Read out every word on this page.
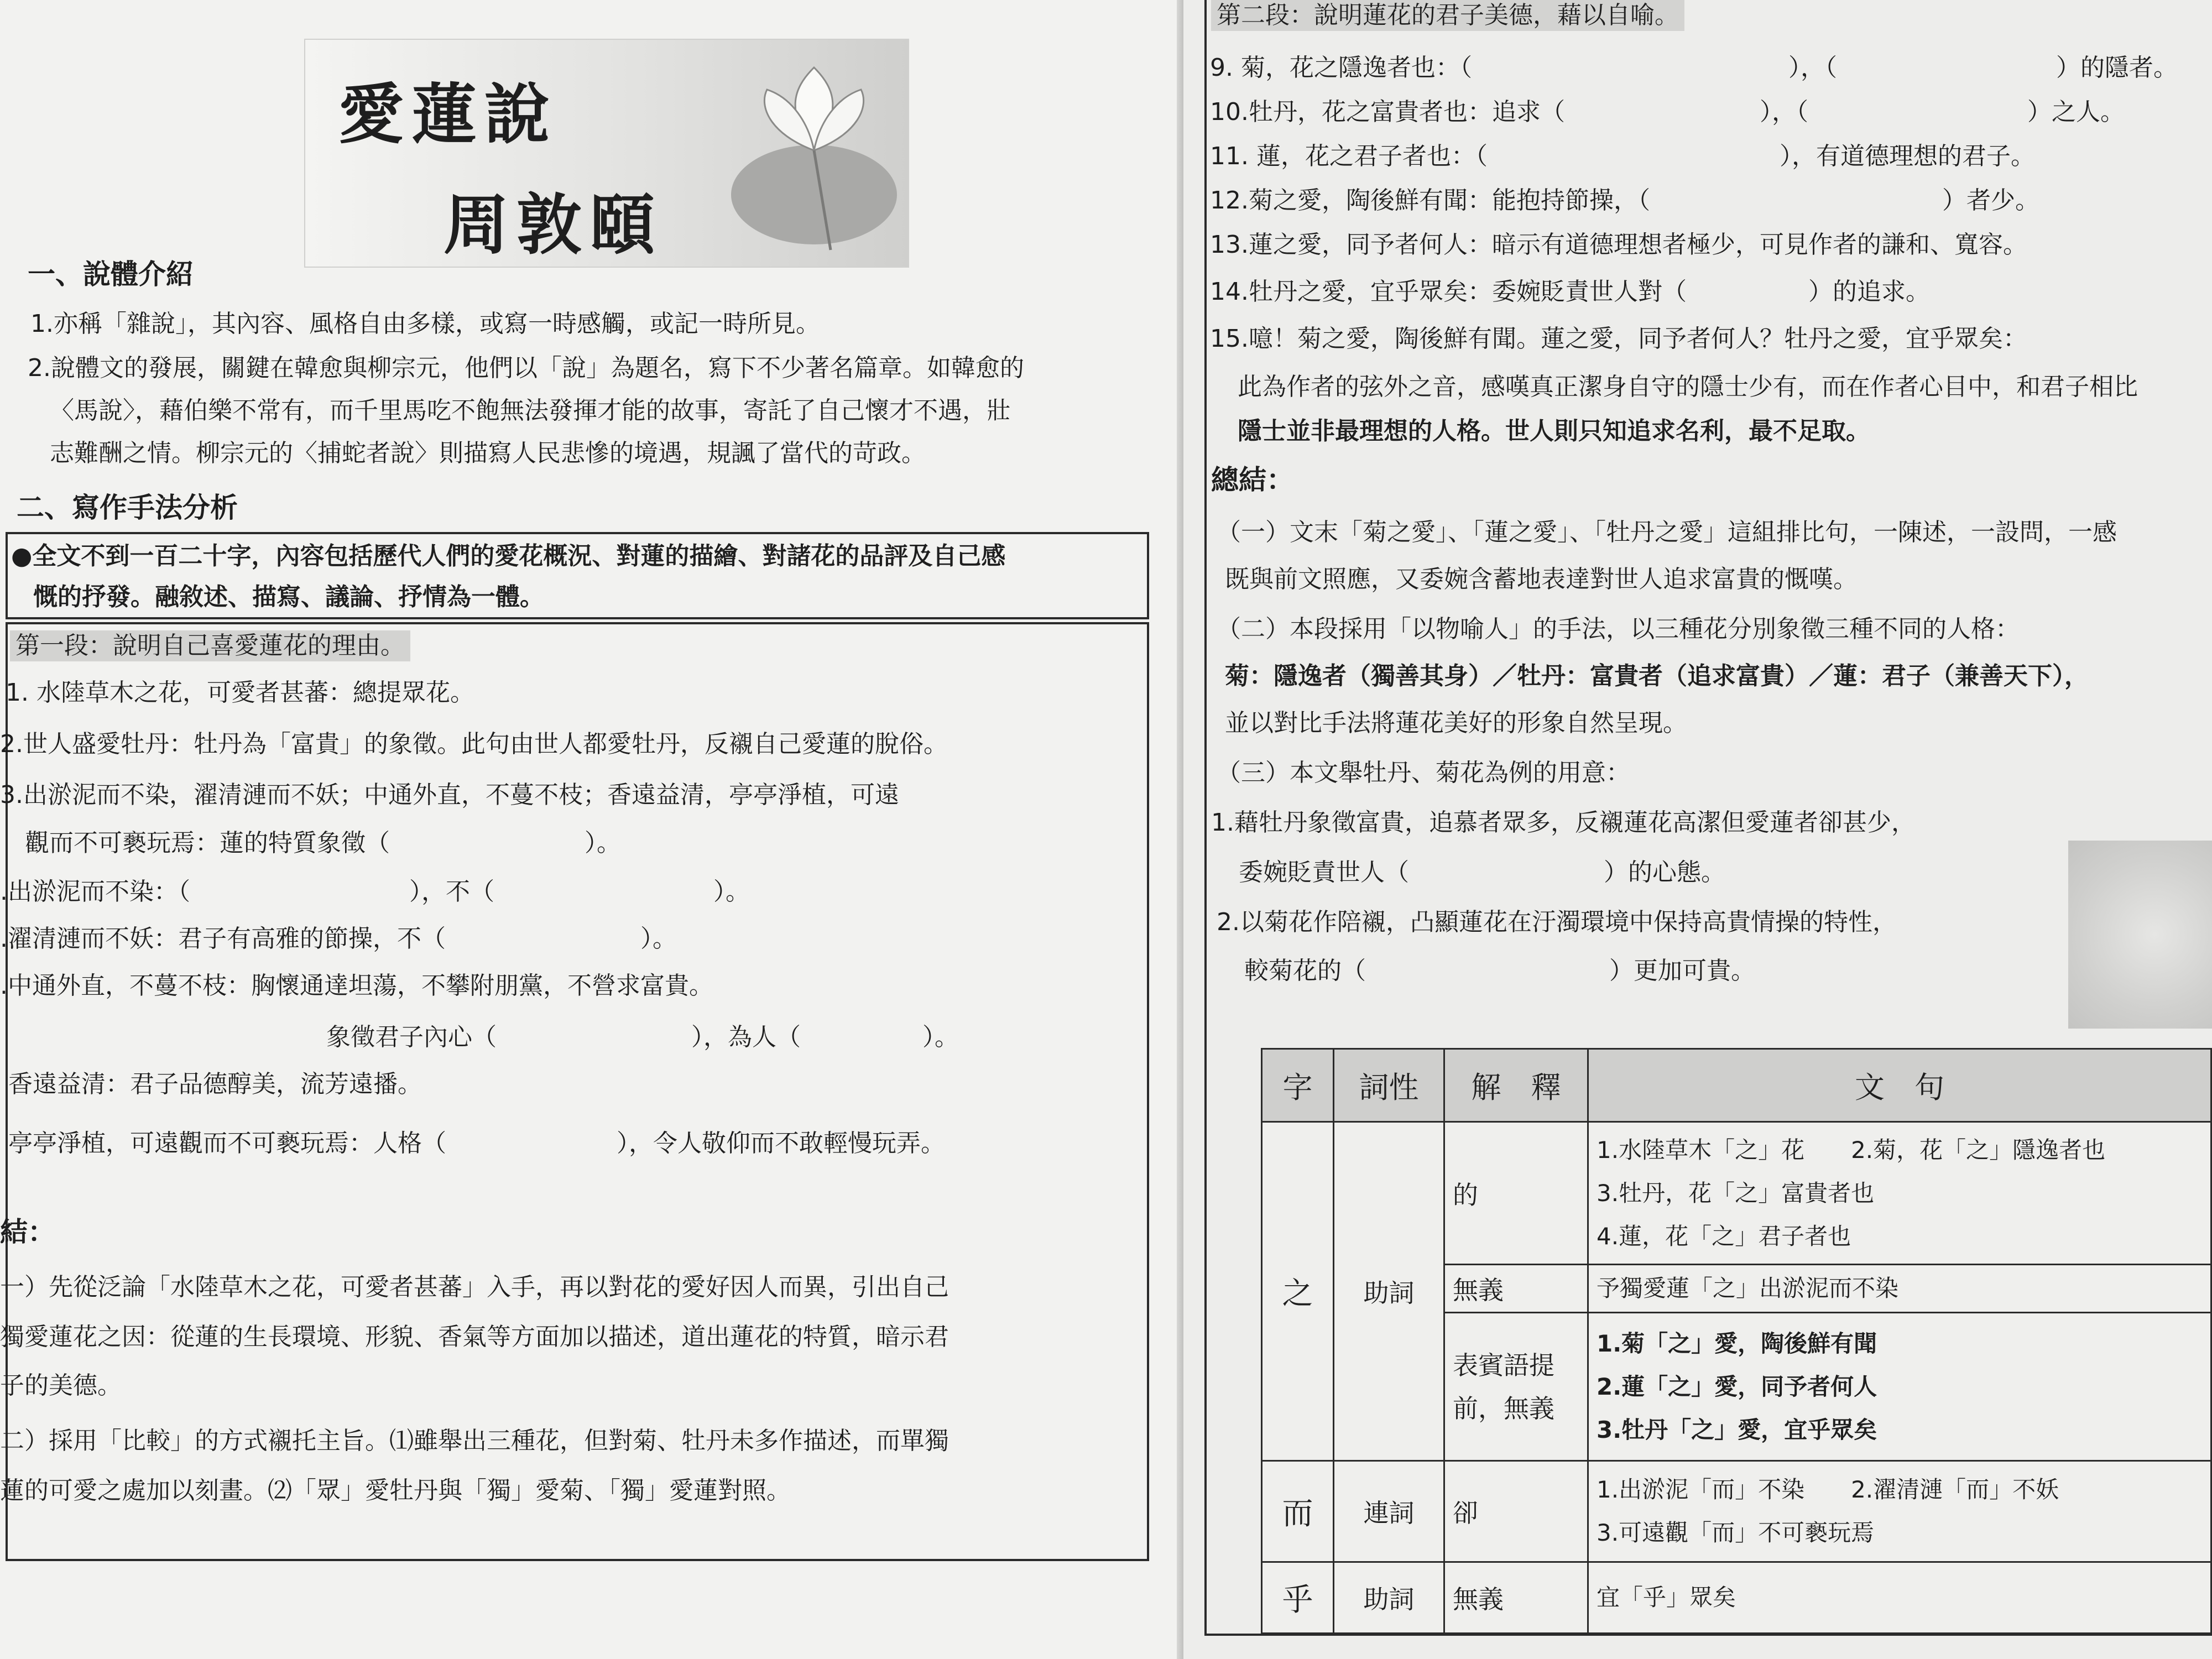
愛蓮說
周敦頤
一、說體介紹
1.亦稱「雜說」，其內容、風格自由多樣，或寫一時感觸，或記一時所見。
2.說體文的發展，關鍵在韓愈與柳宗元，他們以「說」為題名，寫下不少著名篇章。如韓愈的
〈馬說〉，藉伯樂不常有，而千里馬吃不飽無法發揮才能的故事，寄託了自己懷才不遇，壯
志難酬之情。柳宗元的〈捕蛇者說〉則描寫人民悲慘的境遇，規諷了當代的苛政。
二、寫作手法分析
●全文不到一百二十字，內容包括歷代人們的愛花概況、對蓮的描繪、對諸花的品評及自己感
慨的抒發。融敘述、描寫、議論、抒情為一體。
第一段：說明自己喜愛蓮花的理由。
1. 水陸草木之花，可愛者甚蕃：總提眾花。
2.世人盛愛牡丹：牡丹為「富貴」的象徵。此句由世人都愛牡丹，反襯自己愛蓮的脫俗。
3.出淤泥而不染，濯清漣而不妖；中通外直，不蔓不枝；香遠益清，亭亭淨植，可遠
觀而不可褻玩焉：蓮的特質象徵（　　　　　　　　）。
.出淤泥而不染：（　　　　　　　　　），不（　　　　　　　　　）。
.濯清漣而不妖：君子有高雅的節操，不（　　　　　　　　）。
.中通外直，不蔓不枝：胸懷通達坦蕩，不攀附朋黨，不營求富貴。
象徵君子內心（　　　　　　　　），為人（　　　　　）。
香遠益清：君子品德醇美，流芳遠播。
亭亭淨植，可遠觀而不可褻玩焉：人格（　　　　　　　），令人敬仰而不敢輕慢玩弄。
結：
一）先從泛論「水陸草木之花，可愛者甚蕃」入手，再以對花的愛好因人而異，引出自己
獨愛蓮花之因：從蓮的生長環境、形貌、香氣等方面加以描述，道出蓮花的特質，暗示君
子的美德。
二）採用「比較」的方式襯托主旨。⑴雖舉出三種花，但對菊、牡丹未多作描述，而單獨
蓮的可愛之處加以刻畫。⑵「眾」愛牡丹與「獨」愛菊、「獨」愛蓮對照。
第二段：說明蓮花的君子美德，藉以自喻。
9. 菊，花之隱逸者也：（　　　　　　　　　　　　　），（　　　　　　　　　）的隱者。
10.牡丹，花之富貴者也：追求（　　　　　　　　），（　　　　　　　　　）之人。
11. 蓮，花之君子者也：（　　　　　　　　　　　　），有道德理想的君子。
12.菊之愛，陶後鮮有聞：能抱持節操，（　　　　　　　　　　　　）者少。
13.蓮之愛，同予者何人：暗示有道德理想者極少，可見作者的謙和、寬容。
14.牡丹之愛，宜乎眾矣：委婉貶責世人對（　　　　　）的追求。
15.噫！菊之愛，陶後鮮有聞。蓮之愛，同予者何人？牡丹之愛，宜乎眾矣：
此為作者的弦外之音，感嘆真正潔身自守的隱士少有，而在作者心目中，和君子相比
隱士並非最理想的人格。世人則只知追求名利，最不足取。
總結：
（一）文末「菊之愛」、「蓮之愛」、「牡丹之愛」這組排比句，一陳述，一設問，一感
既與前文照應，又委婉含蓄地表達對世人追求富貴的慨嘆。
（二）本段採用「以物喻人」的手法，以三種花分別象徵三種不同的人格：
菊：隱逸者（獨善其身）／牡丹：富貴者（追求富貴）／蓮：君子（兼善天下），
並以對比手法將蓮花美好的形象自然呈現。
（三）本文舉牡丹、菊花為例的用意：
1.藉牡丹象徵富貴，追慕者眾多，反襯蓮花高潔但愛蓮者卻甚少，
委婉貶責世人（　　　　　　　　）的心態。
2.以菊花作陪襯，凸顯蓮花在汙濁環境中保持高貴情操的特性，
較菊花的（　　　　　　　　　　）更加可貴。
字	詞性	解　釋	文　句
之	助詞	的	1.水陸草木「之」花　　2.菊，花「之」隱逸者也
3.牡丹，花「之」富貴者也
4.蓮，花「之」君子者也

		無義	予獨愛蓮「之」出淤泥而不染
		表賓語提前，無義	1.菊「之」愛，陶後鮮有聞
2.蓮「之」愛，同予者何人
3.牡丹「之」愛，宜乎眾矣

而	連詞	卻	1.出淤泥「而」不染　　2.濯清漣「而」不妖
3.可遠觀「而」不可褻玩焉

乎	助詞	無義	宜「乎」眾矣
